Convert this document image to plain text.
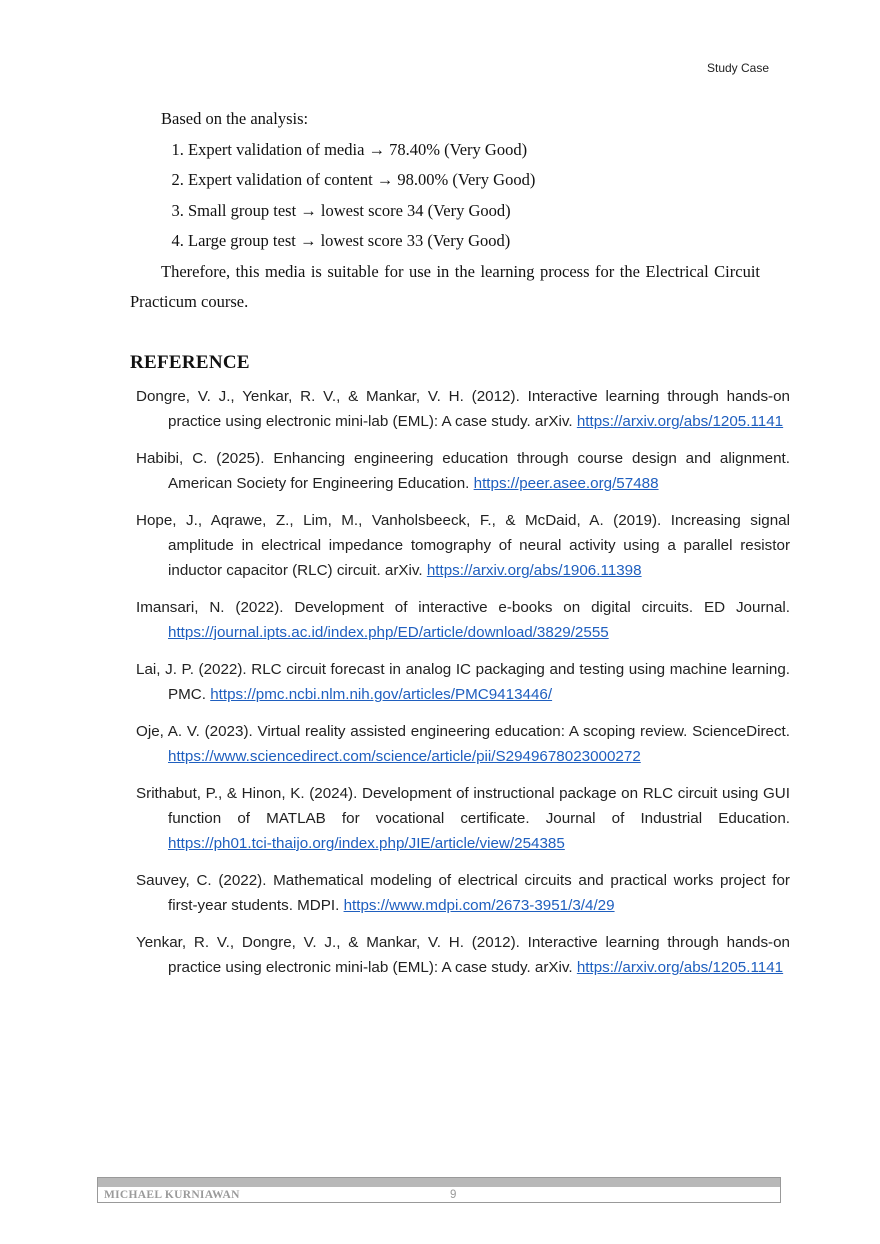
Study Case
Based on the analysis:
1. Expert validation of media → 78.40% (Very Good)
2. Expert validation of content → 98.00% (Very Good)
3. Small group test → lowest score 34 (Very Good)
4. Large group test → lowest score 33 (Very Good)
Therefore, this media is suitable for use in the learning process for the Electrical Circuit Practicum course.
REFERENCE
Dongre, V. J., Yenkar, R. V., & Mankar, V. H. (2012). Interactive learning through hands-on practice using electronic mini-lab (EML): A case study. arXiv. https://arxiv.org/abs/1205.1141
Habibi, C. (2025). Enhancing engineering education through course design and alignment. American Society for Engineering Education. https://peer.asee.org/57488
Hope, J., Aqrawe, Z., Lim, M., Vanholsbeeck, F., & McDaid, A. (2019). Increasing signal amplitude in electrical impedance tomography of neural activity using a parallel resistor inductor capacitor (RLC) circuit. arXiv. https://arxiv.org/abs/1906.11398
Imansari, N. (2022). Development of interactive e-books on digital circuits. ED Journal. https://journal.ipts.ac.id/index.php/ED/article/download/3829/2555
Lai, J. P. (2022). RLC circuit forecast in analog IC packaging and testing using machine learning. PMC. https://pmc.ncbi.nlm.nih.gov/articles/PMC9413446/
Oje, A. V. (2023). Virtual reality assisted engineering education: A scoping review. ScienceDirect. https://www.sciencedirect.com/science/article/pii/S2949678023000272
Srithabut, P., & Hinon, K. (2024). Development of instructional package on RLC circuit using GUI function of MATLAB for vocational certificate. Journal of Industrial Education. https://ph01.tci-thaijo.org/index.php/JIE/article/view/254385
Sauvey, C. (2022). Mathematical modeling of electrical circuits and practical works project for first-year students. MDPI. https://www.mdpi.com/2673-3951/3/4/29
Yenkar, R. V., Dongre, V. J., & Mankar, V. H. (2012). Interactive learning through hands-on practice using electronic mini-lab (EML): A case study. arXiv. https://arxiv.org/abs/1205.1141
MICHAEL KURNIAWAN	9
